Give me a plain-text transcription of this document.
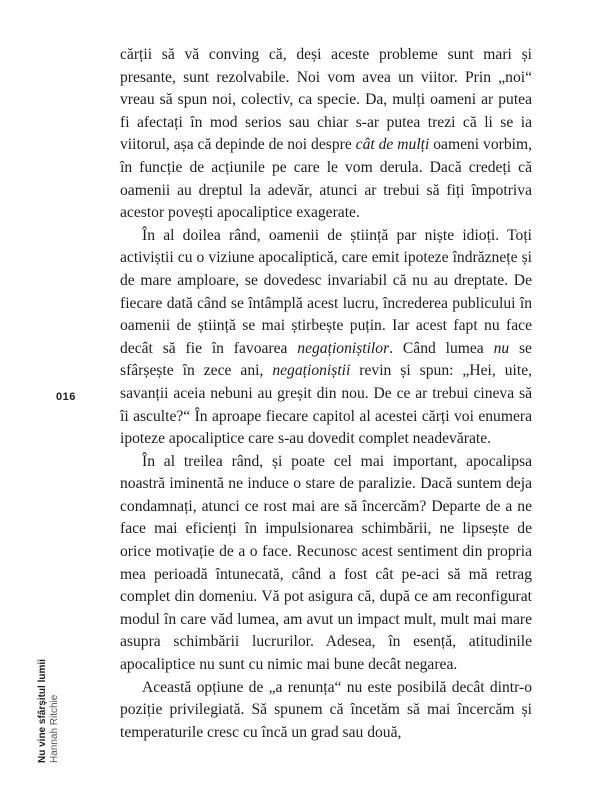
cărții să vă conving că, deși aceste probleme sunt mari și presante, sunt rezolvabile. Noi vom avea un viitor. Prin „noi“ vreau să spun noi, colectiv, ca specie. Da, mulți oameni ar putea fi afectați în mod serios sau chiar s-ar putea trezi că li se ia viitorul, așa că depinde de noi despre cât de mulți oameni vorbim, în funcție de acțiunile pe care le vom derula. Dacă credeți că oamenii au dreptul la adevăr, atunci ar trebui să fiți împotriva acestor povești apocaliptice exagerate.

În al doilea rând, oamenii de știință par niște idioți. Toți activiștii cu o viziune apocaliptică, care emit ipoteze îndrăznețe și de mare amploare, se dovedesc invariabil că nu au dreptate. De fiecare dată când se întâmplă acest lucru, încrederea publicului în oamenii de știință se mai știrbește puțin. Iar acest fapt nu face decât să fie în favoarea negaționiștilor. Când lumea nu se sfârșește în zece ani, negaționiștii revin și spun: „Hei, uite, savanții aceia nebuni au greșit din nou. De ce ar trebui cineva să îi asculte?“ În aproape fiecare capitol al acestei cărți voi enumera ipoteze apocaliptice care s-au dovedit complet neadevărate.

În al treilea rând, și poate cel mai important, apocalipsa noastră iminentă ne induce o stare de paralizie. Dacă suntem deja condamnați, atunci ce rost mai are să încercăm? Departe de a ne face mai eficienți în impulsionarea schimbării, ne lipsește de orice motivație de a o face. Recunosc acest sentiment din propria mea perioadă întunecată, când a fost cât pe-aci să mă retrag complet din domeniu. Vă pot asigura că, după ce am reconfigurat modul în care văd lumea, am avut un impact mult, mult mai mare asupra schimbării lucrurilor. Adesea, în esență, atitudinile apocaliptice nu sunt cu nimic mai bune decât negarea.

Această opțiune de „a renunța“ nu este posibilă decât dintr-o poziție privilegiată. Să spunem că încetăm să mai încercăm și temperaturile cresc cu încă un grad sau două,

016
Nu vine sfârșitul lumii Hannah Ritchie
